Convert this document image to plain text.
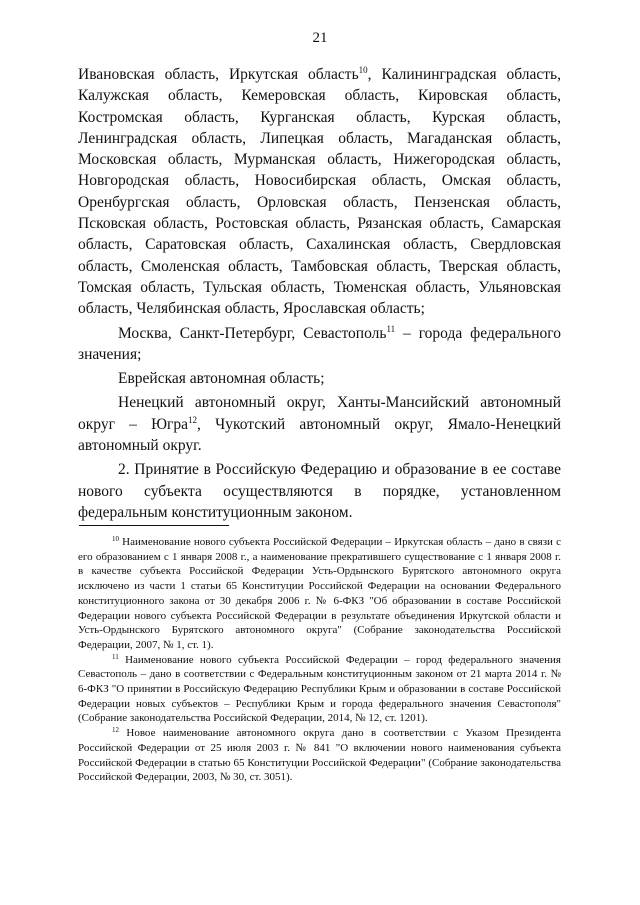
21

Ивановская область, Иркутская область$^{10}$, Калининградская область, Калужская область, Кемеровская область, Кировская область, Костромская область, Курганская область, Курская область, Ленинградская область, Липецкая область, Магаданская область, Московская область, Мурманская область, Нижегородская область, Новгородская область, Новосибирская область, Омская область, Оренбургская область, Орловская область, Пензенская область, Псковская область, Ростовская область, Рязанская область, Самарская область, Саратовская область, Сахалинская область, Свердловская область, Смоленская область, Тамбовская область, Тверская область, Томская область, Тульская область, Тюменская область, Ульяновская область, Челябинская область, Ярославская область;

Москва, Санкт-Петербург, Севастополь$^{11}$ – города федерального значения;

Еврейская автономная область;

Ненецкий автономный округ, Ханты-Мансийский автономный округ – Югра$^{12}$, Чукотский автономный округ, Ямало-Ненецкий автономный округ.

2. Принятие в Российскую Федерацию и образование в ее составе нового субъекта осуществляются в порядке, установленном федеральным конституционным законом.

$^{10}$ Наименование нового субъекта Российской Федерации – Иркутская область – дано в связи с его образованием с 1 января 2008 г., а наименование прекратившего существование с 1 января 2008 г. в качестве субъекта Российской Федерации Усть-Ордынского Бурятского автономного округа исключено из части 1 статьи 65 Конституции Российской Федерации на основании Федерального конституционного закона от 30 декабря 2006 г. № 6-ФКЗ "Об образовании в составе Российской Федерации нового субъекта Российской Федерации в результате объединения Иркутской области и Усть-Ордынского Бурятского автономного округа" (Собрание законодательства Российской Федерации, 2007, № 1, ст. 1).

$^{11}$ Наименование нового субъекта Российской Федерации – город федерального значения Севастополь – дано в соответствии с Федеральным конституционным законом от 21 марта 2014 г. № 6-ФКЗ "О принятии в Российскую Федерацию Республики Крым и образовании в составе Российской Федерации новых субъектов – Республики Крым и города федерального значения Севастополя" (Собрание законодательства Российской Федерации, 2014, № 12, ст. 1201).

$^{12}$ Новое наименование автономного округа дано в соответствии с Указом Президента Российской Федерации от 25 июля 2003 г. № 841 "О включении нового наименования субъекта Российской Федерации в статью 65 Конституции Российской Федерации" (Собрание законодательства Российской Федерации, 2003, № 30, ст. 3051).
